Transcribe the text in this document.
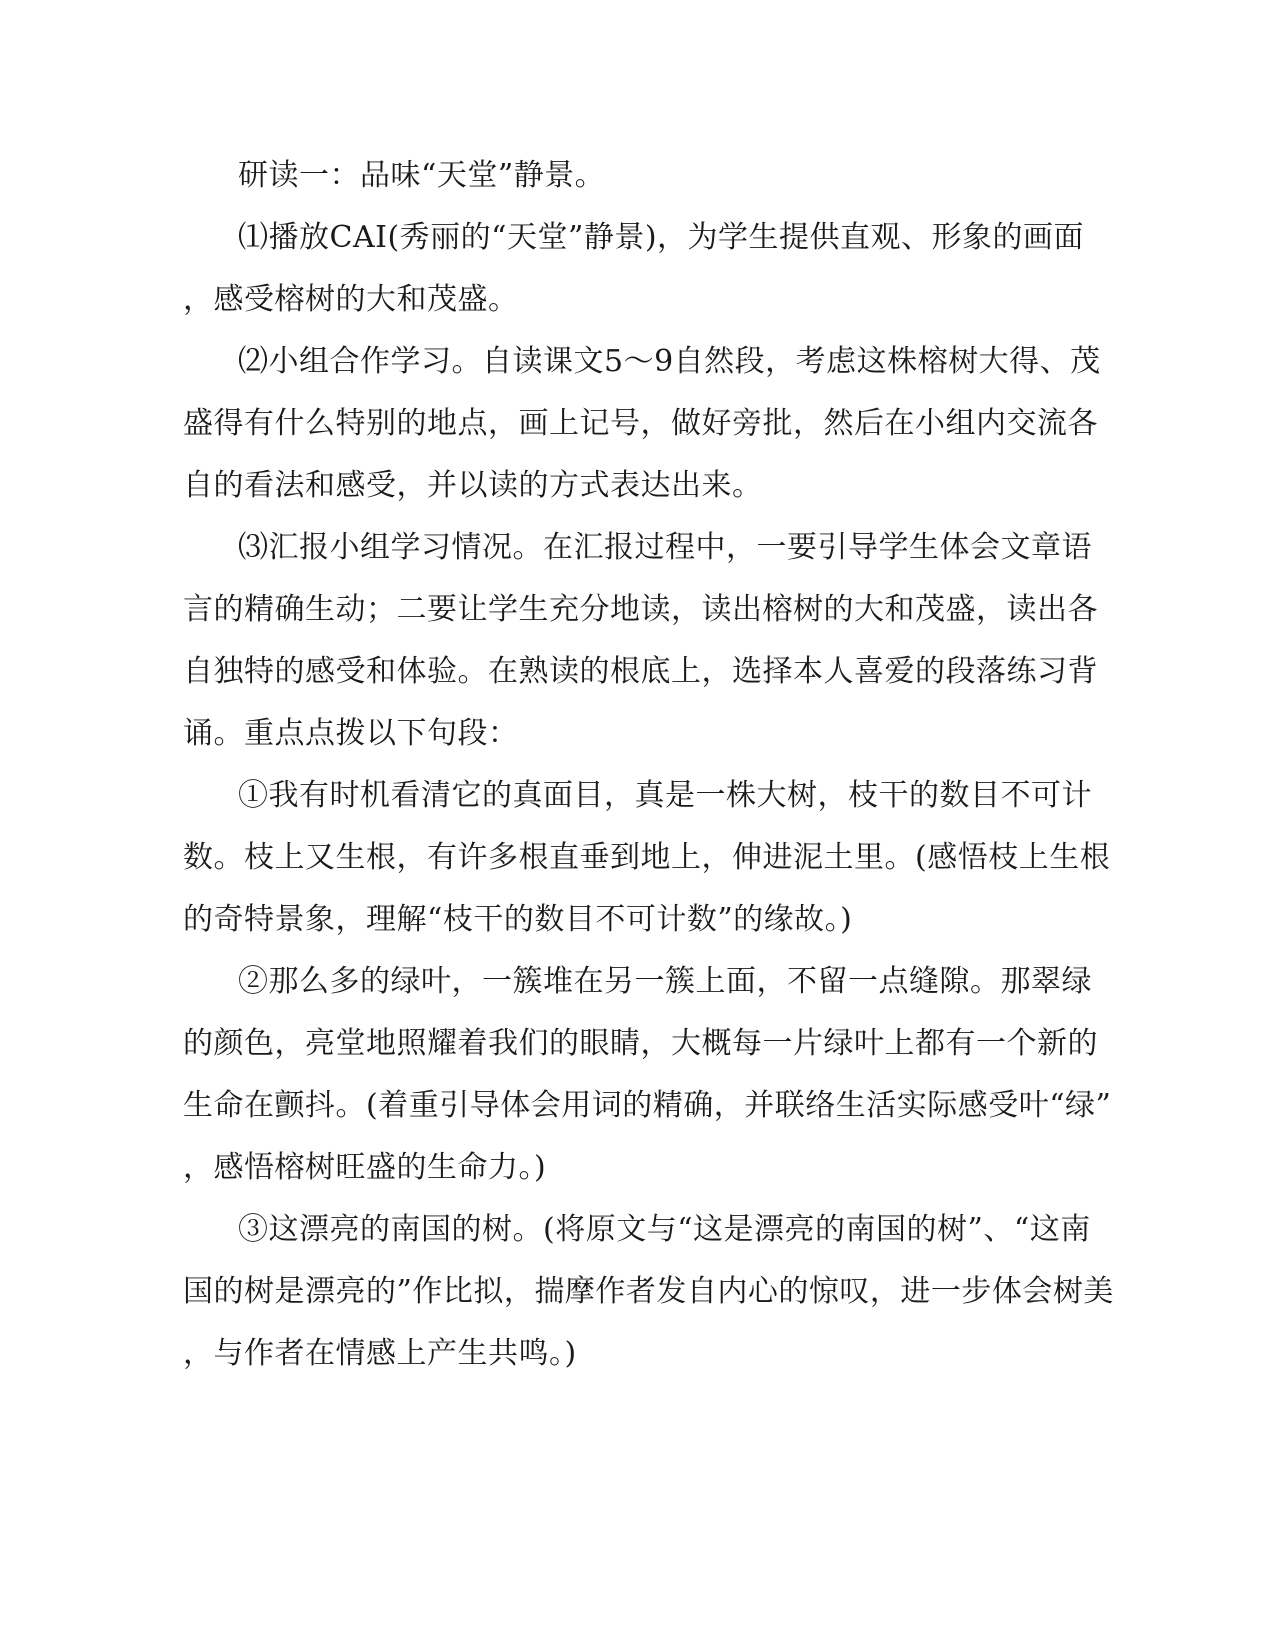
研读一：品味“天堂”静景。
⑴播放CAI(秀丽的“天堂”静景)，为学生提供直观、形象的画面
，感受榕树的大和茂盛。
⑵小组合作学习。自读课文5～9自然段，考虑这株榕树大得、茂
盛得有什么特别的地点，画上记号，做好旁批，然后在小组内交流各
自的看法和感受，并以读的方式表达出来。
⑶汇报小组学习情况。在汇报过程中，一要引导学生体会文章语
言的精确生动；二要让学生充分地读，读出榕树的大和茂盛，读出各
自独特的感受和体验。在熟读的根底上，选择本人喜爱的段落练习背
诵。重点点拨以下句段：
①我有时机看清它的真面目，真是一株大树，枝干的数目不可计
数。枝上又生根，有许多根直垂到地上，伸进泥土里。(感悟枝上生根
的奇特景象，理解“枝干的数目不可计数”的缘故。)
②那么多的绿叶，一簇堆在另一簇上面，不留一点缝隙。那翠绿
的颜色，亮堂地照耀着我们的眼睛，大概每一片绿叶上都有一个新的
生命在颤抖。(着重引导体会用词的精确，并联络生活实际感受叶“绿”
，感悟榕树旺盛的生命力。)
③这漂亮的南国的树。(将原文与“这是漂亮的南国的树”、“这南
国的树是漂亮的”作比拟，揣摩作者发自内心的惊叹，进一步体会树美
，与作者在情感上产生共鸣。)
